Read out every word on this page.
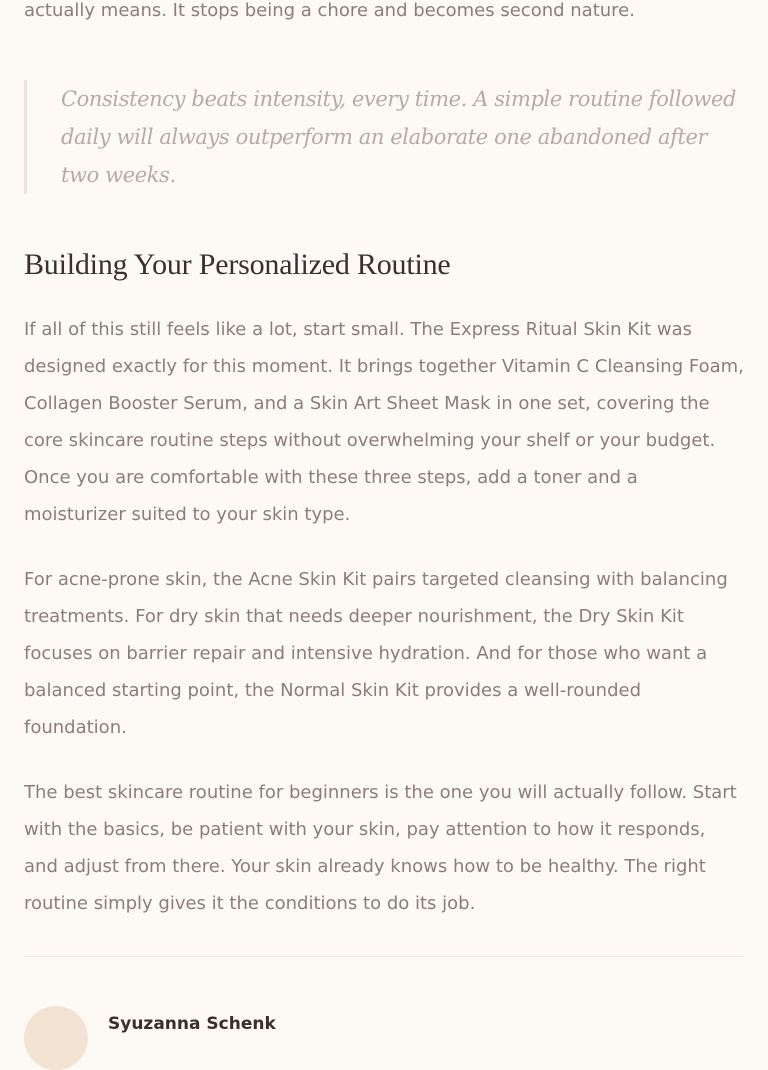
actually means. It stops being a chore and becomes second nature.

Consistency beats intensity, every time. A simple routine followed daily will always outperform an elaborate one abandoned after two weeks.

Building Your Personalized Routine

If all of this still feels like a lot, start small. The Express Ritual Skin Kit was designed exactly for this moment. It brings together Vitamin C Cleansing Foam, Collagen Booster Serum, and a Skin Art Sheet Mask in one set, covering the core skincare routine steps without overwhelming your shelf or your budget. Once you are comfortable with these three steps, add a toner and a moisturizer suited to your skin type.

For acne-prone skin, the Acne Skin Kit pairs targeted cleansing with balancing treatments. For dry skin that needs deeper nourishment, the Dry Skin Kit focuses on barrier repair and intensive hydration. And for those who want a balanced starting point, the Normal Skin Kit provides a well-rounded foundation.

The best skincare routine for beginners is the one you will actually follow. Start with the basics, be patient with your skin, pay attention to how it responds, and adjust from there. Your skin already knows how to be healthy. The right routine simply gives it the conditions to do its job.

Syuzanna Schenk
